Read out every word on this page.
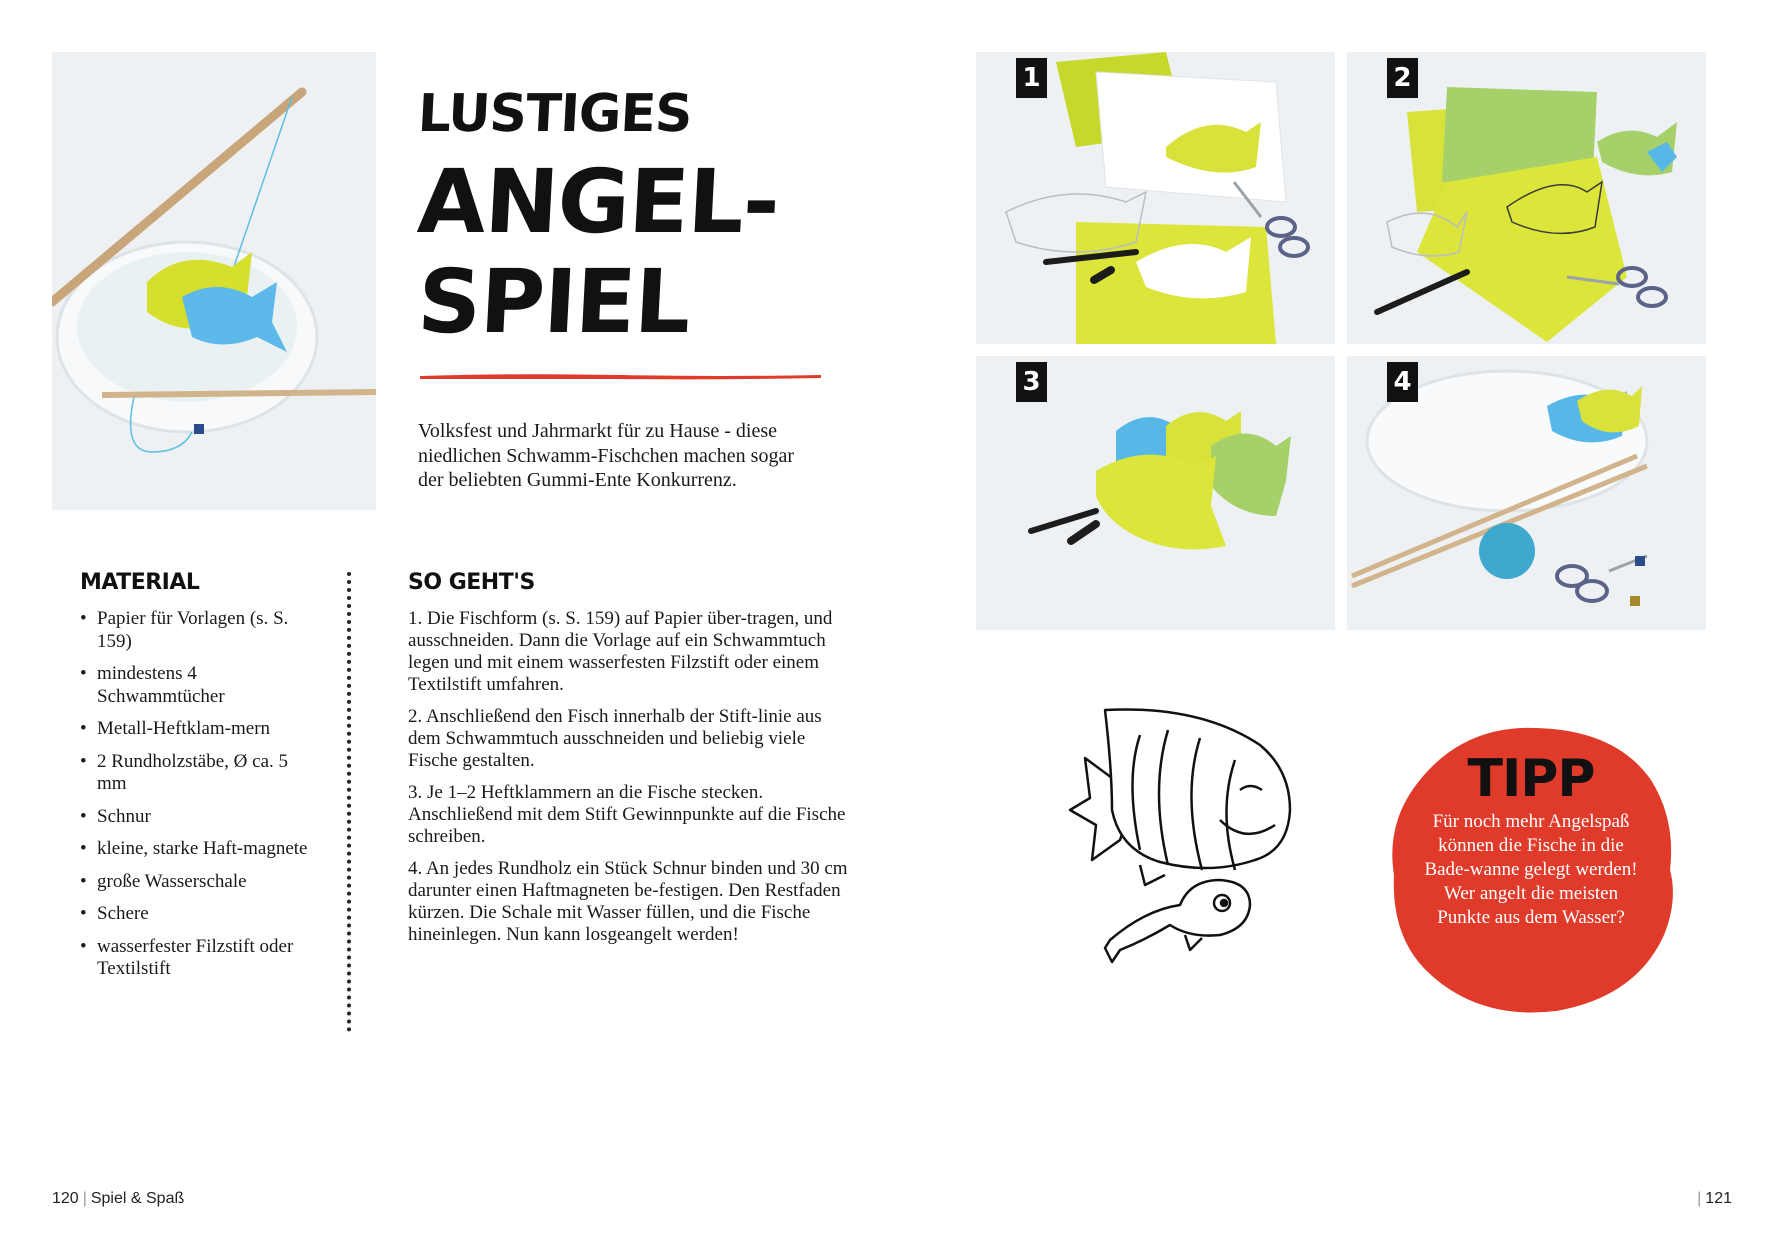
LUSTIGES
ANGEL-
SPIEL

Volksfest und Jahrmarkt für zu Hause - diese niedlichen Schwamm-Fischchen machen sogar der beliebten Gummi-Ente Konkurrenz.

MATERIAL
• Papier für Vorlagen (s. S. 159)
• mindestens 4 Schwammtücher
• Metall-Heftklam-mern
• 2 Rundholzstäbe, Ø ca. 5 mm
• Schnur
• kleine, starke Haft-magnete
• große Wasserschale
• Schere
• wasserfester Filzstift oder Textilstift
SO GEHT'S

1. Die Fischform (s. S. 159) auf Papier über-tragen, und ausschneiden. Dann die Vorlage auf ein Schwammtuch legen und mit einem wasserfesten Filzstift oder einem Textilstift umfahren.

2. Anschließend den Fisch innerhalb der Stift-linie aus dem Schwammtuch ausschneiden und beliebig viele Fische gestalten.

3. Je 1–2 Heftklammern an die Fische stecken. Anschließend mit dem Stift Gewinnpunkte auf die Fische schreiben.

4. An jedes Rundholz ein Stück Schnur binden und 30 cm darunter einen Haftmagneten be-festigen. Den Restfaden kürzen. Die Schale mit Wasser füllen, und die Fische hineinlegen. Nun kann losgeangelt werden!

1	2
3	4
TIPP
Für noch mehr Angelspaß können die Fische in die Bade-wanne gelegt werden! Wer angelt die meisten Punkte aus dem Wasser?
120 | Spiel & Spaß	| 121
